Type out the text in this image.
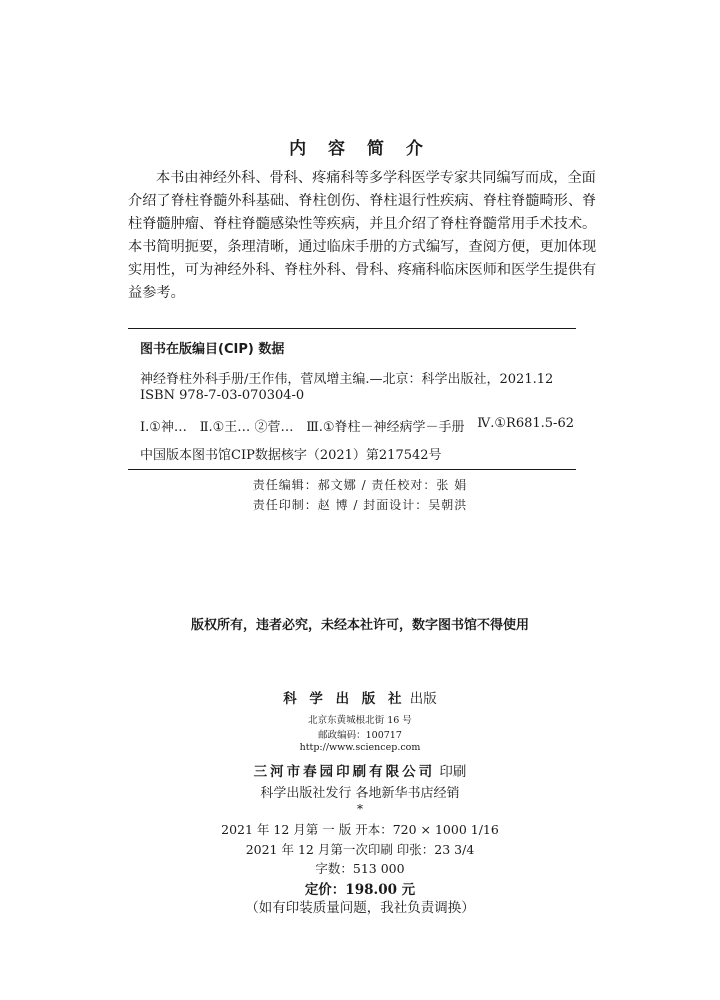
内 容 简 介
本书由神经外科、骨科、疼痛科等多学科医学专家共同编写而成，全面
介绍了脊柱脊髓外科基础、脊柱创伤、脊柱退行性疾病、脊柱脊髓畸形、脊
柱脊髓肿瘤、脊柱脊髓感染性等疾病，并且介绍了脊柱脊髓常用手术技术。
本书简明扼要，条理清晰，通过临床手册的方式编写，查阅方便，更加体现
实用性，可为神经外科、脊柱外科、骨科、疼痛科临床医师和医学生提供有
益参考。
图书在版编目(CIP) 数据
神经脊柱外科手册/王作伟，菅凤增主编.—北京：科学出版社，2021.12
ISBN 978-7-03-070304-0
Ⅰ.①神… Ⅱ.①王… ②菅… Ⅲ.①脊柱－神经病学－手册 Ⅳ.①R681.5-62
中国版本图书馆CIP数据核字（2021）第217542号
责任编辑：郝文娜 / 责任校对：张 娟
责任印制：赵 博 / 封面设计：吴朝洪
版权所有，违者必究，未经本社许可，数字图书馆不得使用
科 学 出 版 社 出版
北京东黄城根北街 16 号
邮政编码：100717
http://www.sciencep.com
三河市春园印刷有限公司 印刷
科学出版社发行 各地新华书店经销
*
2021 年 12 月第 一 版 开本：720 × 1000 1/16
2021 年 12 月第一次印刷 印张：23 3/4
字数：513 000
定价：198.00 元
（如有印装质量问题，我社负责调换）
